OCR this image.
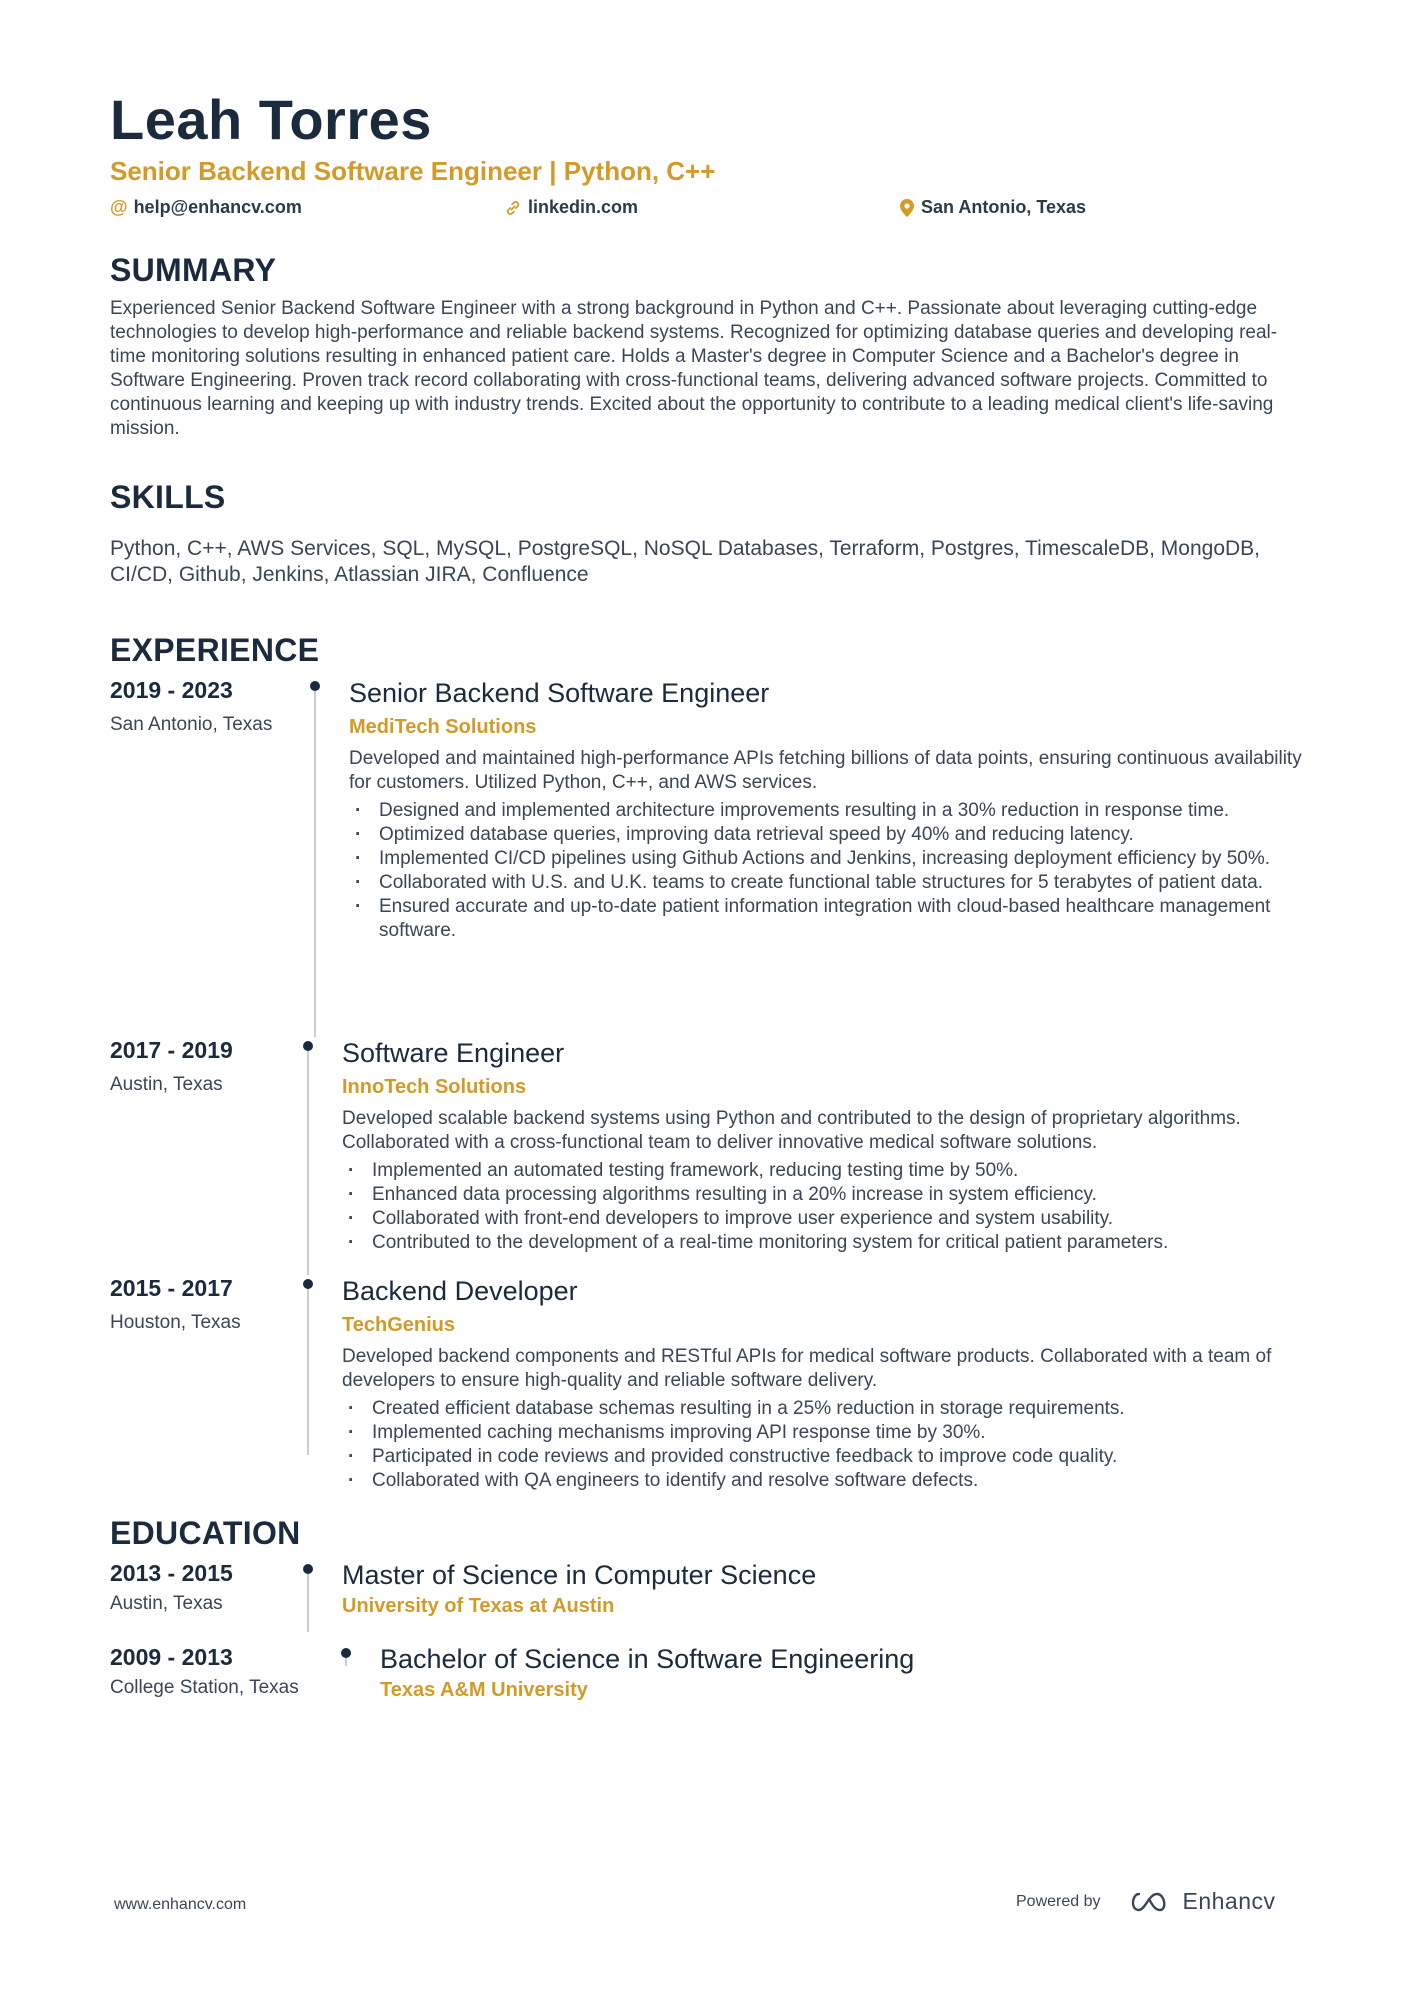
Leah Torres
Senior Backend Software Engineer | Python, C++
@ help@enhancv.com	linkedin.com	San Antonio, Texas
SUMMARY
Experienced Senior Backend Software Engineer with a strong background in Python and C++. Passionate about leveraging cutting-edge technologies to develop high-performance and reliable backend systems. Recognized for optimizing database queries and developing real-time monitoring solutions resulting in enhanced patient care. Holds a Master's degree in Computer Science and a Bachelor's degree in Software Engineering. Proven track record collaborating with cross-functional teams, delivering advanced software projects. Committed to continuous learning and keeping up with industry trends. Excited about the opportunity to contribute to a leading medical client's life-saving mission.
SKILLS
Python, C++, AWS Services, SQL, MySQL, PostgreSQL, NoSQL Databases, Terraform, Postgres, TimescaleDB, MongoDB, CI/CD, Github, Jenkins, Atlassian JIRA, Confluence
EXPERIENCE
2019 - 2023
San Antonio, Texas
Senior Backend Software Engineer
MediTech Solutions
Developed and maintained high-performance APIs fetching billions of data points, ensuring continuous availability for customers. Utilized Python, C++, and AWS services.
· Designed and implemented architecture improvements resulting in a 30% reduction in response time.
· Optimized database queries, improving data retrieval speed by 40% and reducing latency.
· Implemented CI/CD pipelines using Github Actions and Jenkins, increasing deployment efficiency by 50%.
· Collaborated with U.S. and U.K. teams to create functional table structures for 5 terabytes of patient data.
· Ensured accurate and up-to-date patient information integration with cloud-based healthcare management software.
2017 - 2019
Austin, Texas
Software Engineer
InnoTech Solutions
Developed scalable backend systems using Python and contributed to the design of proprietary algorithms. Collaborated with a cross-functional team to deliver innovative medical software solutions.
· Implemented an automated testing framework, reducing testing time by 50%.
· Enhanced data processing algorithms resulting in a 20% increase in system efficiency.
· Collaborated with front-end developers to improve user experience and system usability.
· Contributed to the development of a real-time monitoring system for critical patient parameters.
2015 - 2017
Houston, Texas
Backend Developer
TechGenius
Developed backend components and RESTful APIs for medical software products. Collaborated with a team of developers to ensure high-quality and reliable software delivery.
· Created efficient database schemas resulting in a 25% reduction in storage requirements.
· Implemented caching mechanisms improving API response time by 30%.
· Participated in code reviews and provided constructive feedback to improve code quality.
· Collaborated with QA engineers to identify and resolve software defects.
EDUCATION
2013 - 2015
Austin, Texas
Master of Science in Computer Science
University of Texas at Austin
2009 - 2013
College Station, Texas
Bachelor of Science in Software Engineering
Texas A&M University
www.enhancv.com	Powered by	Enhancv
